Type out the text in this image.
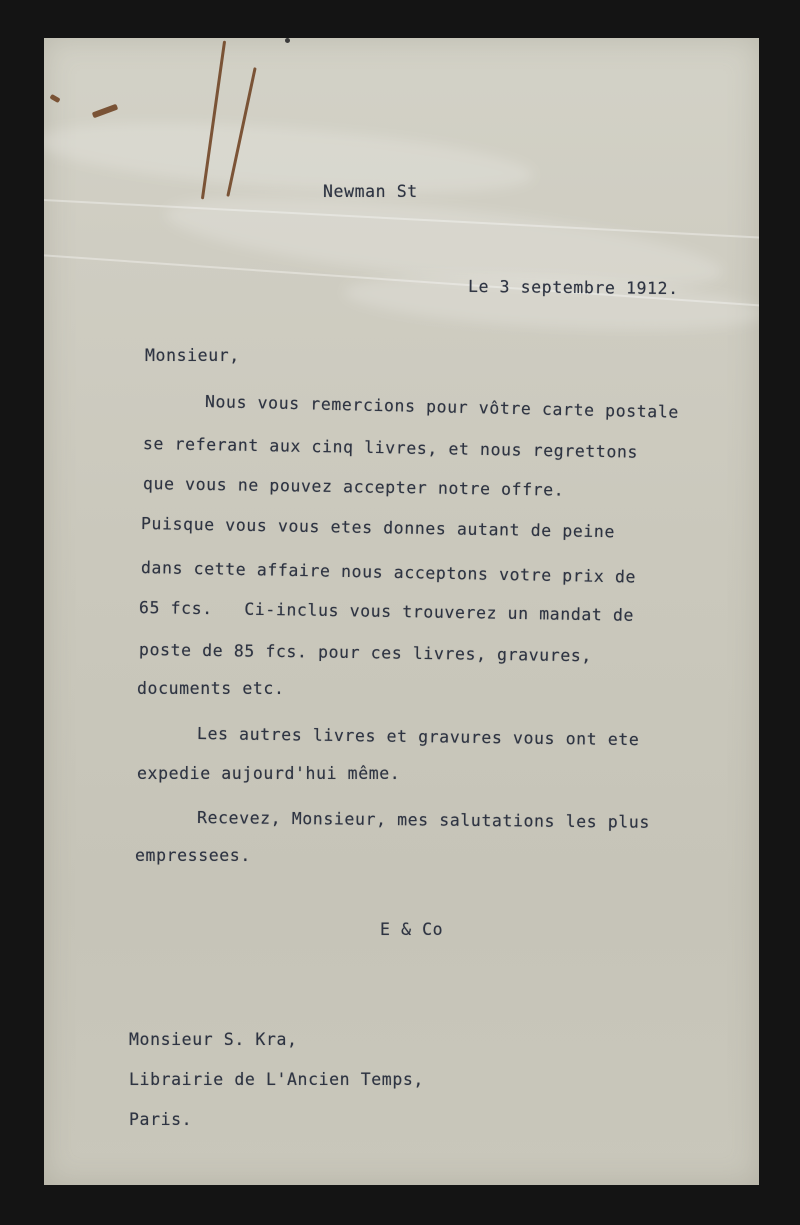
Newman St

Le 3 septembre 1912.

Monsieur,

Nous vous remercions pour vôtre carte postale

se referant aux cinq livres, et nous regrettons

que vous ne pouvez accepter notre offre.

Puisque vous vous etes donnes autant de peine

dans cette affaire nous acceptons votre prix de

65 fcs.   Ci-inclus vous trouverez un mandat de

poste de 85 fcs. pour ces livres, gravures,

documents etc.

Les autres livres et gravures vous ont ete

expedie aujourd'hui même.

Recevez, Monsieur, mes salutations les plus

empressees.

E & Co

Monsieur S. Kra,

Librairie de L'Ancien Temps,

Paris.
